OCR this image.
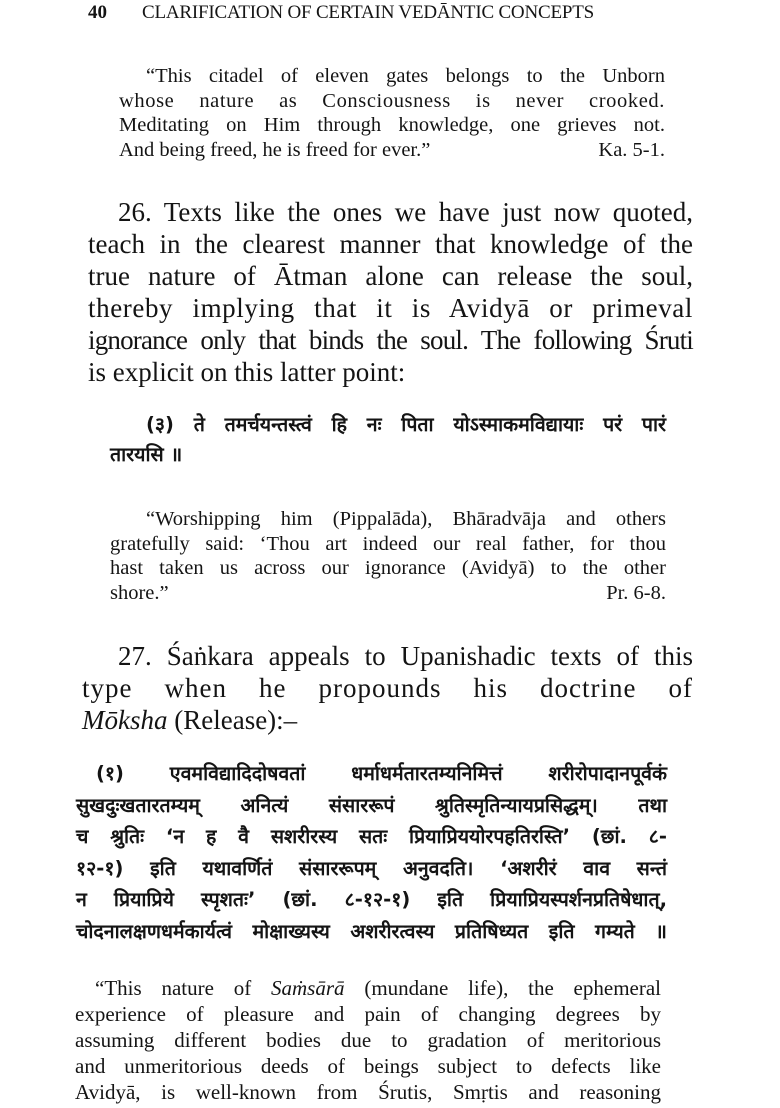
40 CLARIFICATION OF CERTAIN VEDĀNTIC CONCEPTS
“This citadel of eleven gates belongs to the Unborn
whose nature as Consciousness is never crooked.
Meditating on Him through knowledge, one grieves not.
And being freed, he is freed for ever.”	Ka. 5-1.
26. Texts like the ones we have just now quoted,
teach in the clearest manner that knowledge of the
true nature of Ātman alone can release the soul,
thereby implying that it is Avidyā or primeval
ignorance only that binds the soul. The following Śruti
is explicit on this latter point:
(३) ते तमर्चयन्तस्त्वं हि नः पिता योऽस्माकमविद्यायाः परं पारं
तारयसि ॥
“Worshipping him (Pippalāda), Bhāradvāja and others
gratefully said: ‘Thou art indeed our real father, for thou
hast taken us across our ignorance (Avidyā) to the other
shore.”	Pr. 6-8.
27. Śaṅkara appeals to Upanishadic texts of this
type when he propounds his doctrine of
Mōksha (Release):–
(१) एवमविद्यादिदोषवतां धर्माधर्मतारतम्यनिमित्तं शरीरोपादानपूर्वकं
सुखदुःखतारतम्यम् अनित्यं संसाररूपं श्रुतिस्मृतिन्यायप्रसिद्धम्। तथा
च श्रुतिः ‘न ह वै सशरीरस्य सतः प्रियाप्रिययोरपहतिरस्ति’ (छां. ८-
१२-१) इति यथावर्णितं संसाररूपम् अनुवदति। ‘अशरीरं वाव सन्तं
न प्रियाप्रिये स्पृशतः’ (छां. ८-१२-१) इति प्रियाप्रियस्पर्शनप्रतिषेधात्,
चोदनालक्षणधर्मकार्यत्वं मोक्षाख्यस्य अशरीरत्वस्य प्रतिषिध्यत इति गम्यते ॥
“This nature of Saṁsārā (mundane life), the ephemeral
experience of pleasure and pain of changing degrees by
assuming different bodies due to gradation of meritorious
and unmeritorious deeds of beings subject to defects like
Avidyā, is well-known from Śrutis, Smṛtis and reasoning
